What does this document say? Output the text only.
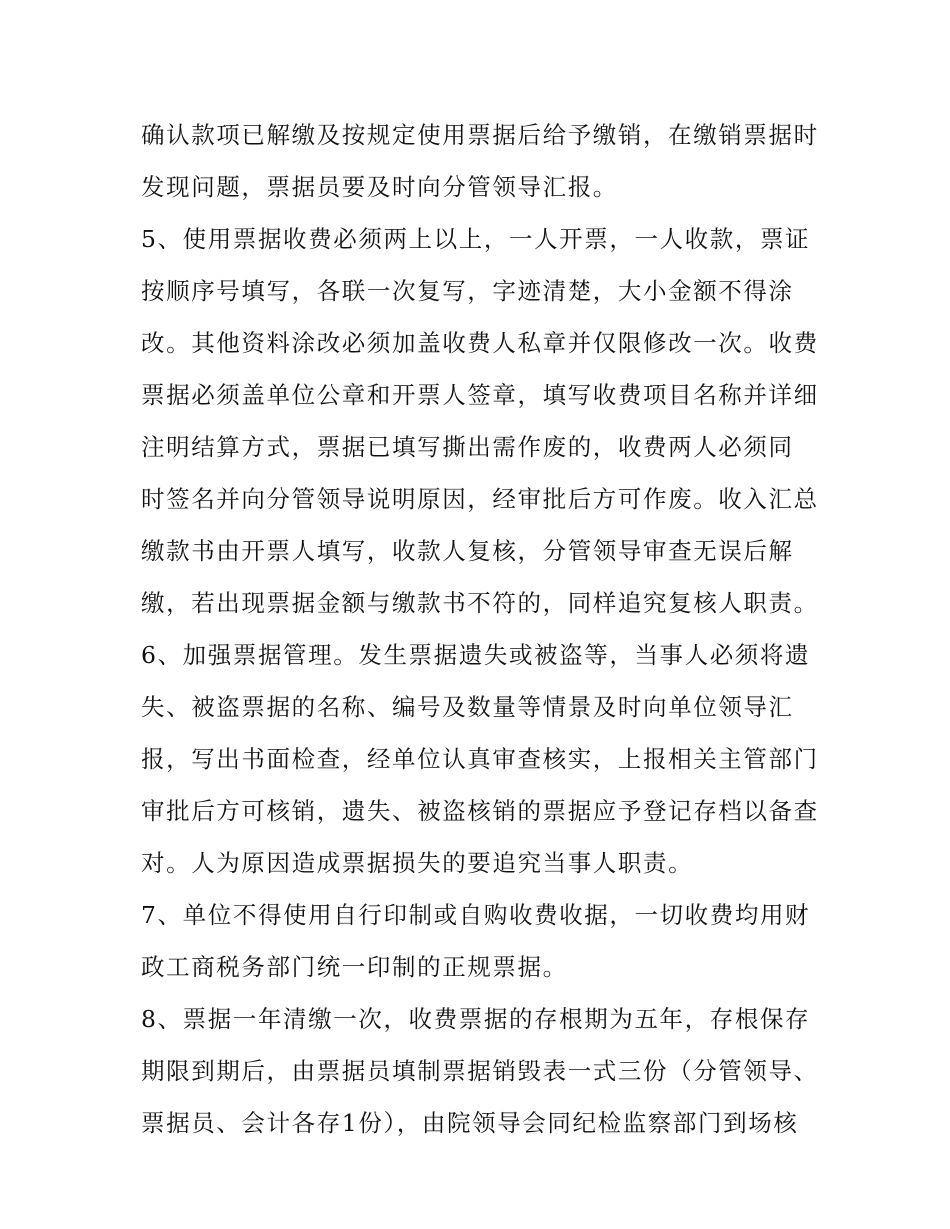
确认款项已解缴及按规定使用票据后给予缴销，在缴销票据时
发现问题，票据员要及时向分管领导汇报。
5、使用票据收费必须两上以上，一人开票，一人收款，票证
按顺序号填写，各联一次复写，字迹清楚，大小金额不得涂
改。其他资料涂改必须加盖收费人私章并仅限修改一次。收费
票据必须盖单位公章和开票人签章，填写收费项目名称并详细
注明结算方式，票据已填写撕出需作废的，收费两人必须同
时签名并向分管领导说明原因，经审批后方可作废。收入汇总
缴款书由开票人填写，收款人复核，分管领导审查无误后解
缴，若出现票据金额与缴款书不符的，同样追究复核人职责。
6、加强票据管理。发生票据遗失或被盗等，当事人必须将遗
失、被盗票据的名称、编号及数量等情景及时向单位领导汇
报，写出书面检查，经单位认真审查核实，上报相关主管部门
审批后方可核销，遗失、被盗核销的票据应予登记存档以备查
对。人为原因造成票据损失的要追究当事人职责。
7、单位不得使用自行印制或自购收费收据，一切收费均用财
政工商税务部门统一印制的正规票据。
8、票据一年清缴一次，收费票据的存根期为五年，存根保存
期限到期后，由票据员填制票据销毁表一式三份（分管领导、
票据员、会计各存1份），由院领导会同纪检监察部门到场核
